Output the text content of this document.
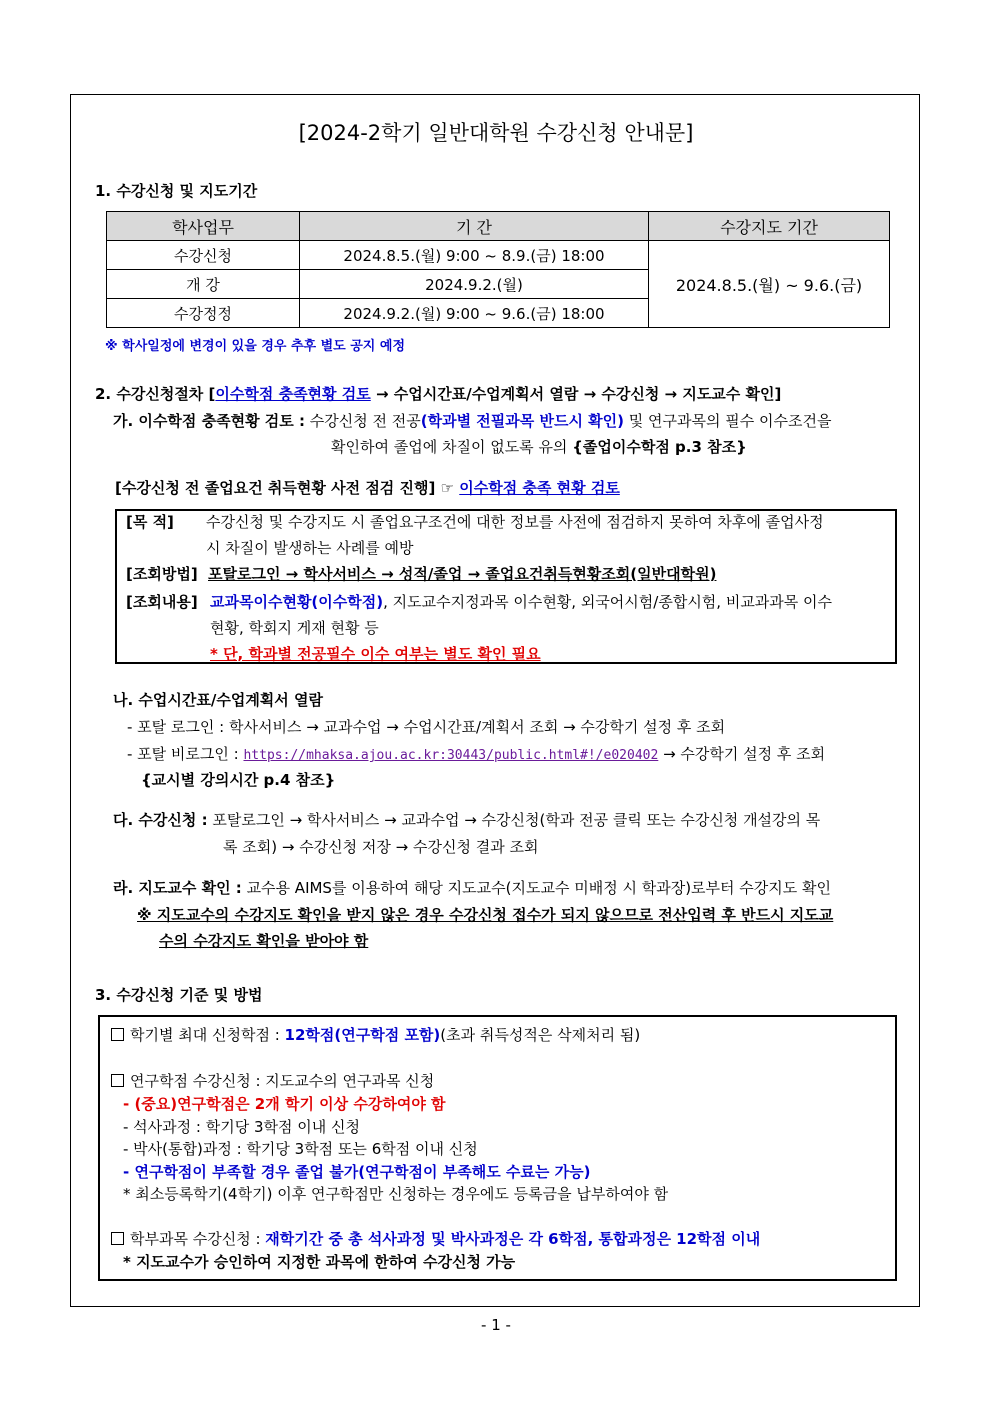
[2024-2학기 일반대학원 수강신청 안내문]
1. 수강신청 및 지도기간
학사업무	기 간	수강지도 기간
수강신청	2024.8.5.(월) 9:00 ~ 8.9.(금) 18:00	2024.8.5.(월) ~ 9.6.(금)
개 강	2024.9.2.(월)	
수강정정	2024.9.2.(월) 9:00 ~ 9.6.(금) 18:00	
※ 학사일정에 변경이 있을 경우 추후 별도 공지 예정
2. 수강신청절차 [이수학점 충족현황 검토 → 수업시간표/수업계획서 열람 → 수강신청 → 지도교수 확인]
가. 이수학점 충족현황 검토 : 수강신청 전 전공(학과별 전필과목 반드시 확인) 및 연구과목의 필수 이수조건을
확인하여 졸업에 차질이 없도록 유의 {졸업이수학점 p.3 참조}
[수강신청 전 졸업요건 취득현황 사전 점검 진행] ☞ 이수학점 충족 현황 검토
[목 적] 수강신청 및 수강지도 시 졸업요구조건에 대한 정보를 사전에 점검하지 못하여 차후에 졸업사정
시 차질이 발생하는 사례를 예방
[조회방법] 포탈로그인 → 학사서비스 → 성적/졸업 → 졸업요건취득현황조회(일반대학원)
[조회내용] 교과목이수현황(이수학점), 지도교수지정과목 이수현황, 외국어시험/종합시험, 비교과과목 이수
현황, 학회지 게재 현황 등
* 단, 학과별 전공필수 이수 여부는 별도 확인 필요
나. 수업시간표/수업계획서 열람
- 포탈 로그인 : 학사서비스 → 교과수업 → 수업시간표/계획서 조회 → 수강학기 설정 후 조회
- 포탈 비로그인 : https://mhaksa.ajou.ac.kr:30443/public.html#!/e020402 → 수강학기 설정 후 조회
{교시별 강의시간 p.4 참조}
다. 수강신청 : 포탈로그인 → 학사서비스 → 교과수업 → 수강신청(학과 전공 클릭 또는 수강신청 개설강의 목
록 조회) → 수강신청 저장 → 수강신청 결과 조회
라. 지도교수 확인 : 교수용 AIMS를 이용하여 해당 지도교수(지도교수 미배정 시 학과장)로부터 수강지도 확인
※ 지도교수의 수강지도 확인을 받지 않은 경우 수강신청 접수가 되지 않으므로 전산입력 후 반드시 지도교
수의 수강지도 확인을 받아야 함
3. 수강신청 기준 및 방법
학기별 최대 신청학점 : 12학점(연구학점 포함)(초과 취득성적은 삭제처리 됨)
연구학점 수강신청 : 지도교수의 연구과목 신청
- (중요)연구학점은 2개 학기 이상 수강하여야 함
- 석사과정 : 학기당 3학점 이내 신청
- 박사(통합)과정 : 학기당 3학점 또는 6학점 이내 신청
- 연구학점이 부족할 경우 졸업 불가(연구학점이 부족해도 수료는 가능)
* 최소등록학기(4학기) 이후 연구학점만 신청하는 경우에도 등록금을 납부하여야 함
학부과목 수강신청 : 재학기간 중 총 석사과정 및 박사과정은 각 6학점, 통합과정은 12학점 이내
* 지도교수가 승인하여 지정한 과목에 한하여 수강신청 가능
- 1 -
